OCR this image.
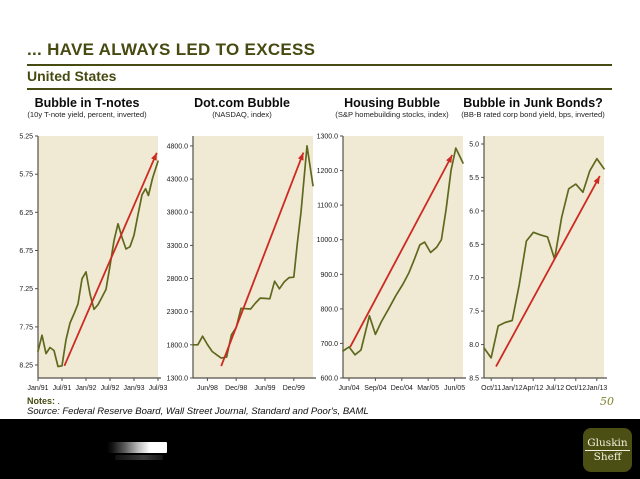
... HAVE ALWAYS LED TO EXCESS
United States
Bubble in T-notes
(10y T-note yield, percent, inverted)
5.25
5.75
6.25
6.75
7.25
7.75
8.25
Jan/91 Jul/91 Jan/92 Jul/92 Jan/93 Jul/93
Dot.com Bubble
(NASDAQ, index)
4800.0
4300.0
3800.0
3300.0
2800.0
2300.0
1800.0
1300.0
Jun/98 Dec/98 Jun/99 Dec/99
Housing Bubble
(S&P homebuilding stocks, index)
1300.0
1200.0
1100.0
1000.0
900.0
800.0
700.0
600.0
Jun/04 Sep/04 Dec/04 Mar/05 Jun/05
Bubble in Junk Bonds?
(BB-B rated corp bond yield, bps, inverted)
5.0
5.5
6.0
6.5
7.0
7.5
8.0
8.5
Oct/11 Jan/12 Apr/12 Jul/12 Oct/12 Jan/13
Notes: .
Source: Federal Reserve Board, Wall Street Journal, Standard and Poor's, BAML
50
Gluskin
Sheff
